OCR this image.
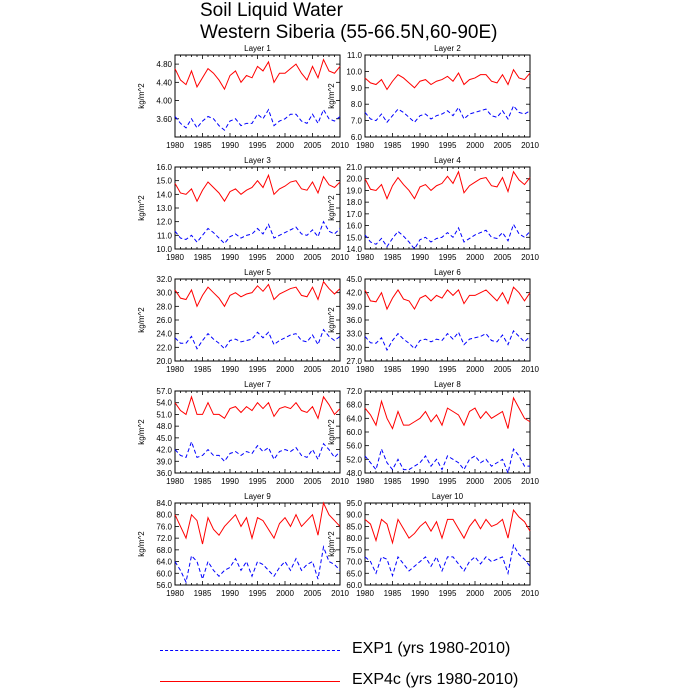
Soil Liquid Water
Western Siberia (55-66.5N,60-90E)
Layer 1
1980 1985 1990 1995 2000 2005 2010
3.60
4.00
4.40
4.80
kg/m^2
Layer 2
1980 1985 1990 1995 2000 2005 2010
6.0
7.0
8.0
9.0
10.0
11.0
kg/m^2
Layer 3
1980 1985 1990 1995 2000 2005 2010
10.0
11.0
12.0
13.0
14.0
15.0
16.0
kg/m^2
Layer 4
1980 1985 1990 1995 2000 2005 2010
14.0
15.0
16.0
17.0
18.0
19.0
20.0
21.0
kg/m^2
Layer 5
1980 1985 1990 1995 2000 2005 2010
20.0
22.0
24.0
26.0
28.0
30.0
32.0
kg/m^2
Layer 6
1980 1985 1990 1995 2000 2005 2010
27.0
30.0
33.0
36.0
39.0
42.0
45.0
kg/m^2
Layer 7
1980 1985 1990 1995 2000 2005 2010
36.0
39.0
42.0
45.0
48.0
51.0
54.0
57.0
kg/m^2
Layer 8
1980 1985 1990 1995 2000 2005 2010
48.0
52.0
56.0
60.0
64.0
68.0
72.0
kg/m^2
Layer 9
1980 1985 1990 1995 2000 2005 2010
56.0
60.0
64.0
68.0
72.0
76.0
80.0
84.0
kg/m^2
Layer 10
1980 1985 1990 1995 2000 2005 2010
60.0
65.0
70.0
75.0
80.0
85.0
90.0
95.0
kg/m^2
EXP1 (yrs 1980-2010)
EXP4c (yrs 1980-2010)
